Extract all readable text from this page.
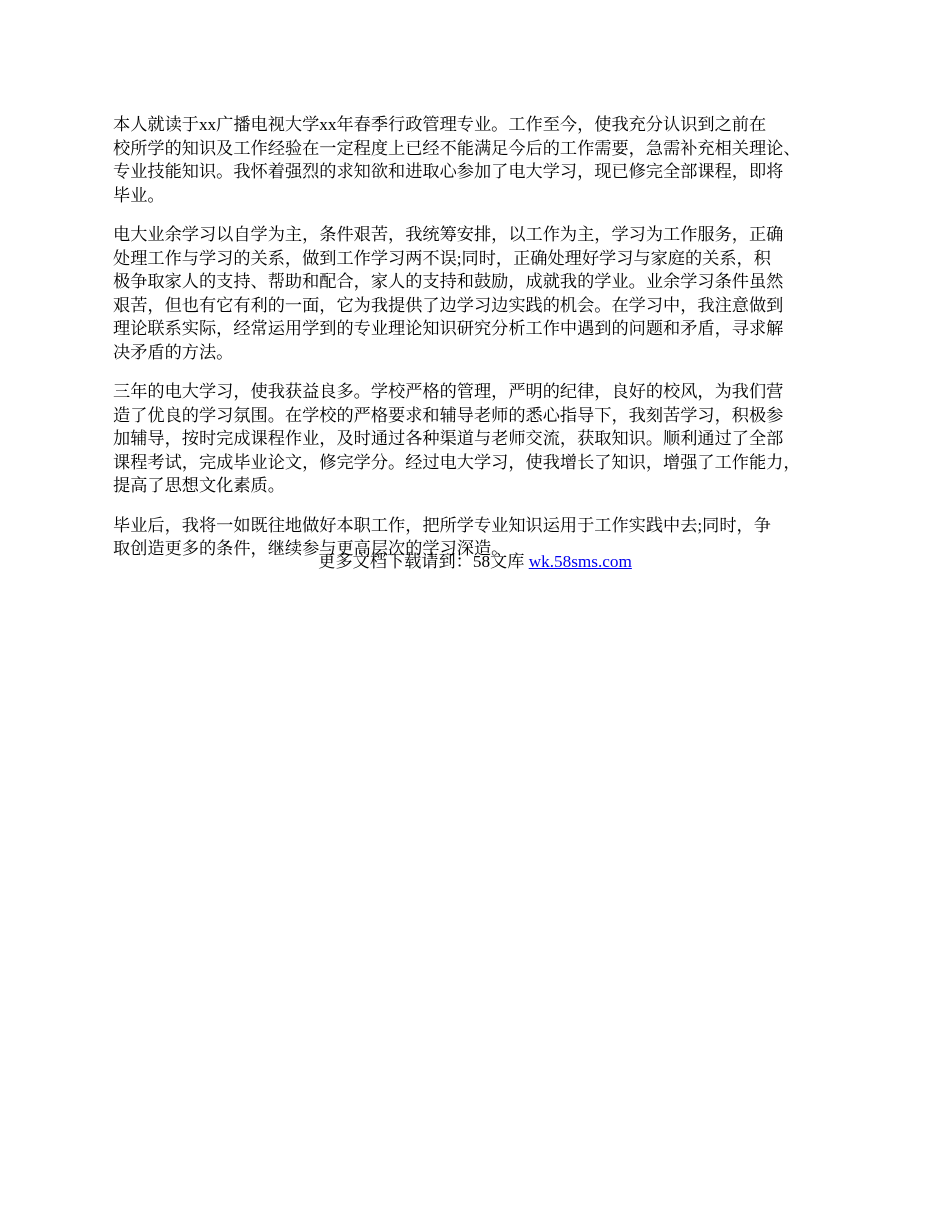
本人就读于xx广播电视大学xx年春季行政管理专业。工作至今，使我充分认识到之前在
校所学的知识及工作经验在一定程度上已经不能满足今后的工作需要，急需补充相关理论、
专业技能知识。我怀着强烈的求知欲和进取心参加了电大学习，现已修完全部课程，即将
毕业。

电大业余学习以自学为主，条件艰苦，我统筹安排，以工作为主，学习为工作服务，正确
处理工作与学习的关系，做到工作学习两不误;同时，正确处理好学习与家庭的关系，积
极争取家人的支持、帮助和配合，家人的支持和鼓励，成就我的学业。业余学习条件虽然
艰苦，但也有它有利的一面，它为我提供了边学习边实践的机会。在学习中，我注意做到
理论联系实际，经常运用学到的专业理论知识研究分析工作中遇到的问题和矛盾，寻求解
决矛盾的方法。

三年的电大学习，使我获益良多。学校严格的管理，严明的纪律，良好的校风，为我们营
造了优良的学习氛围。在学校的严格要求和辅导老师的悉心指导下，我刻苦学习，积极参
加辅导，按时完成课程作业，及时通过各种渠道与老师交流，获取知识。顺利通过了全部
课程考试，完成毕业论文，修完学分。经过电大学习，使我增长了知识，增强了工作能力，
提高了思想文化素质。

毕业后，我将一如既往地做好本职工作，把所学专业知识运用于工作实践中去;同时，争
取创造更多的条件，继续参与更高层次的学习深造。

更多文档下载请到：58文库 wk.58sms.com
